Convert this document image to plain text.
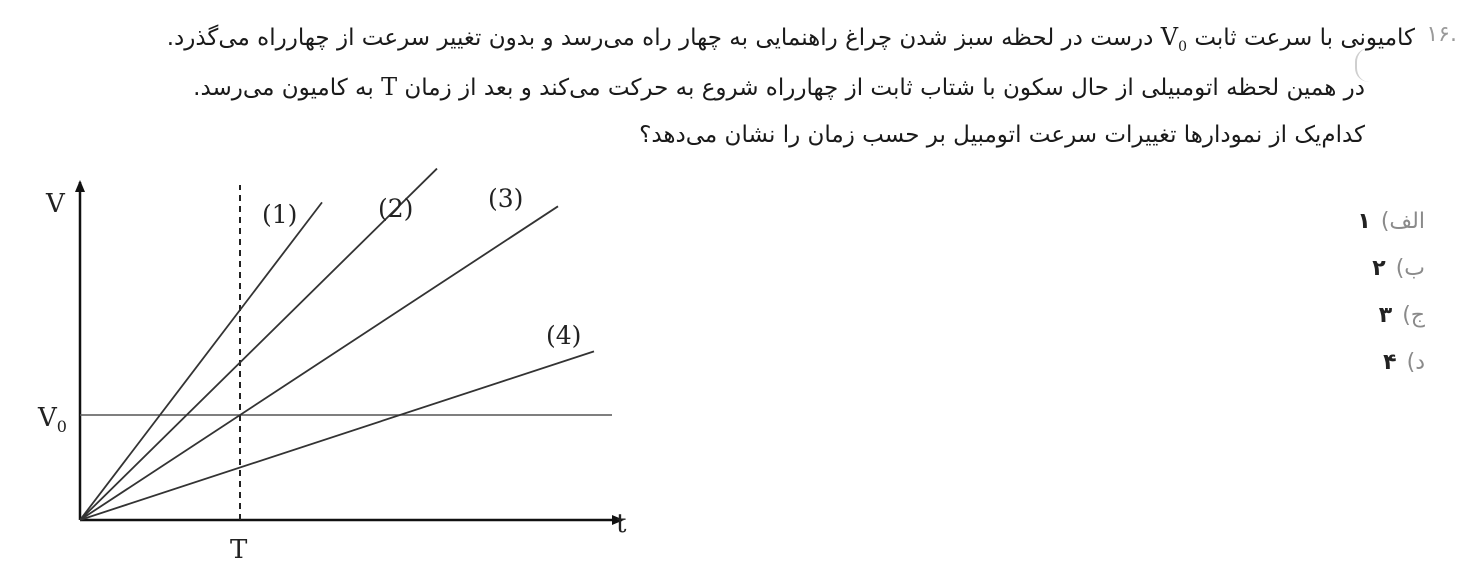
۱۶.
کامیونی با سرعت ثابت $V_0$ درست در لحظه سبز شدن چراغ راهنمایی به چهار راه می‌رسد و بدون تغییر سرعت از چهارراه می‌گذرد.
در همین لحظه اتومبیلی از حال سکون با شتاب ثابت از چهارراه شروع به حرکت می‌کند و بعد از زمان T به کامیون می‌رسد.
کدام‌یک از نمودارها تغییرات سرعت اتومبیل بر حسب زمان را نشان می‌دهد؟
الف)
۱
ب)
۲
ج)
۳
د)
۴
t
V
T
$V_0$
(1)	(2)	(3)
(4)
